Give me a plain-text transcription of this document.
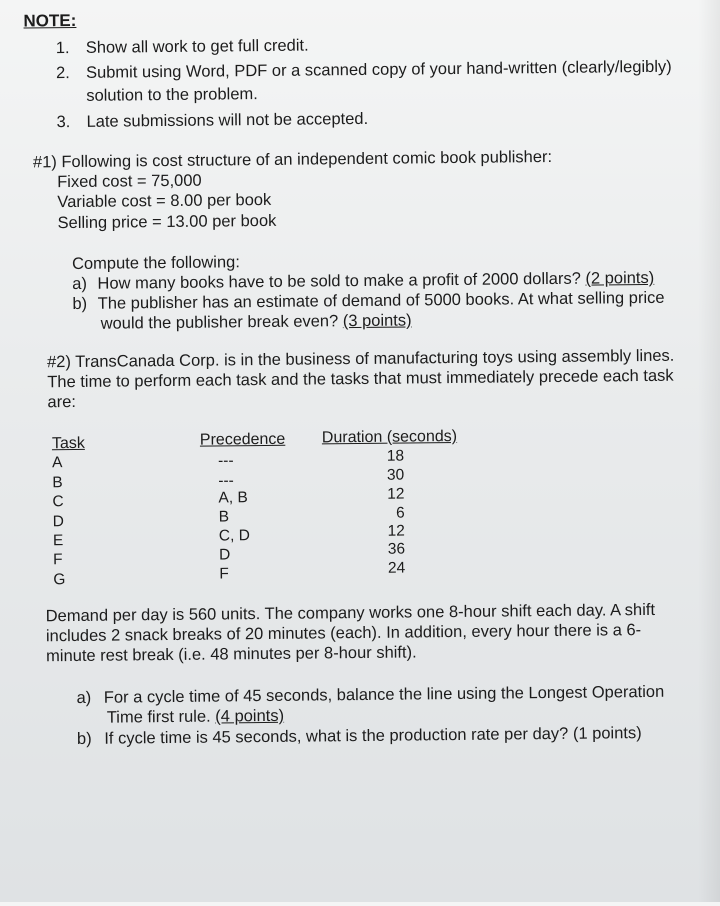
NOTE:
1. Show all work to get full credit.
2. Submit using Word, PDF or a scanned copy of your hand-written (clearly/legibly)
solution to the problem.
3. Late submissions will not be accepted.
#1) Following is cost structure of an independent comic book publisher:
Fixed cost = 75,000
Variable cost = 8.00 per book
Selling price = 13.00 per book
Compute the following:
a) How many books have to be sold to make a profit of 2000 dollars? (2 points)
b) The publisher has an estimate of demand of 5000 books. At what selling price
would the publisher break even? (3 points)
#2) TransCanada Corp. is in the business of manufacturing toys using assembly lines.
The time to perform each task and the tasks that must immediately precede each task
are:
Task	Precedence Duration (seconds)
A	---	18
B	---	30
C	A, B	12
D	B	6
E	C, D	12
F	D	36
G	F	24
Demand per day is 560 units. The company works one 8-hour shift each day. A shift
includes 2 snack breaks of 20 minutes (each). In addition, every hour there is a 6-
minute rest break (i.e. 48 minutes per 8-hour shift).
a) For a cycle time of 45 seconds, balance the line using the Longest Operation
Time first rule. (4 points)
b) If cycle time is 45 seconds, what is the production rate per day? (1 points)
